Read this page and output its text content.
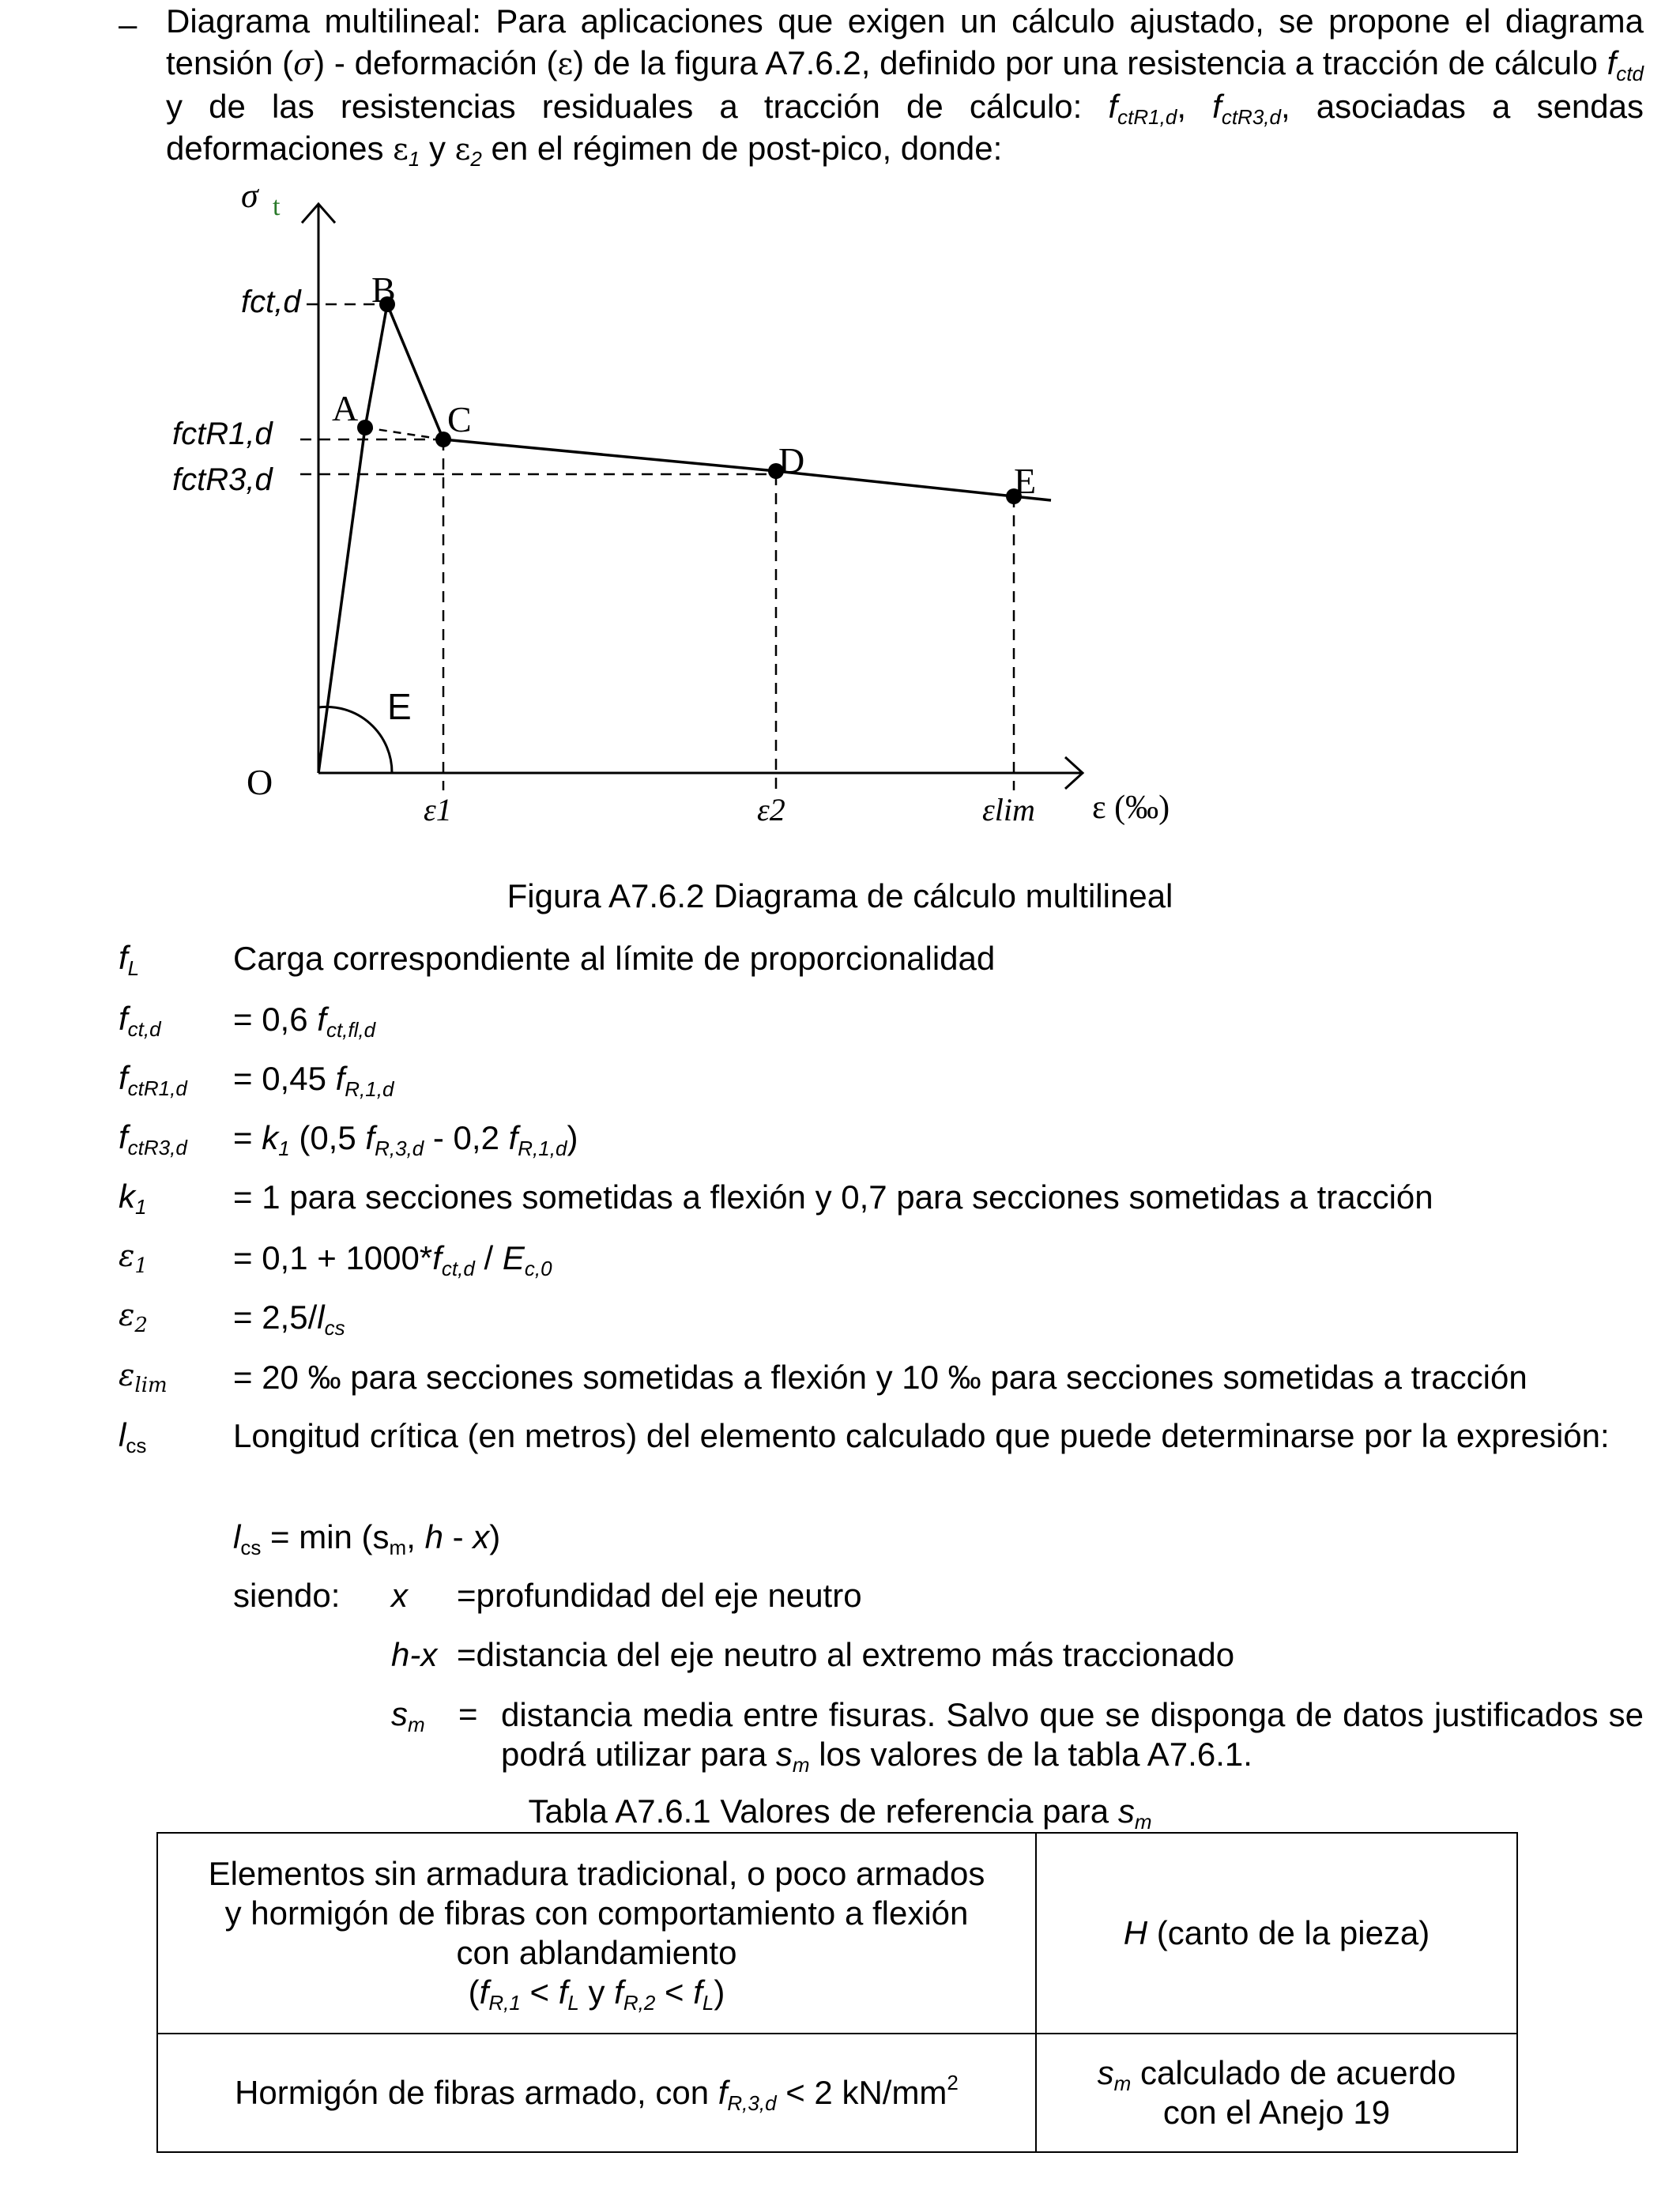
– Diagrama multilineal: Para aplicaciones que exigen un cálculo ajustado, se propone el diagrama tensión (σ) - deformación (ε) de la figura A7.6.2, definido por una resistencia a tracción de cálculo $f_{ctd}$ y de las resistencias residuales a tracción de cálculo: $f_{ctR1,d}$, $f_{ctR3,d}$, asociadas a sendas deformaciones $\varepsilon_1$ y $\varepsilon_2$ en el régimen de post-pico, donde:
σ t
fct,d
fctR1,d
fctR3,d
B
A C
D
E
E
O
ε1	ε2	εlim ε (‰)
Figura A7.6.2 Diagrama de cálculo multilineal
$f_L$	Carga correspondiente al límite de proporcionalidad
$f_{ct,d} = 0,6$ $f_{ct,fl,d}$
$f_{ctR1,d} = 0,45$ $f_{R,1,d}$
$f_{ctR3,d} = k_1$ (0,5 $f_{R,3,d} - 0,2$ $f_{R,1,d}$)
$k_1$	= 1 para secciones sometidas a flexión y 0,7 para secciones sometidas a tracción
$\varepsilon_1$	= $0,1 + 1000*f_{ct,d} / E_{c,0}$
$\varepsilon_2$	= $2,5/l_{cs}$
$\varepsilon_{lim} = 20$ ‰ para secciones sometidas a flexión y 10 ‰ para secciones sometidas a tracción
$l_{cs}$	Longitud crítica (en metros) del elemento calculado que puede determinarse por la expresión:
$l_{cs} = \min (s_m$, h - x)
siendo: x =profundidad del eje neutro
h-x =distancia del eje neutro al extremo más traccionado
$s_m$ = distancia media entre fisuras. Salvo que se disponga de datos justificados se podrá utilizar para $s_m$ los valores de la tabla A7.6.1.
Tabla A7.6.1 Valores de referencia para $s_m$
Elementos sin armadura tradicional, o poco armados y hormigón de fibras con comportamiento a flexión con ablandamiento
($f_{R,1} < f_L$ y $f_{R,2} < f_L$)	H (canto de la pieza)
Hormigón de fibras armado, con $f_{R,3,d} < 2$ $kN/mm^2$	$s_m$ calculado de acuerdo
con el Anejo 19
